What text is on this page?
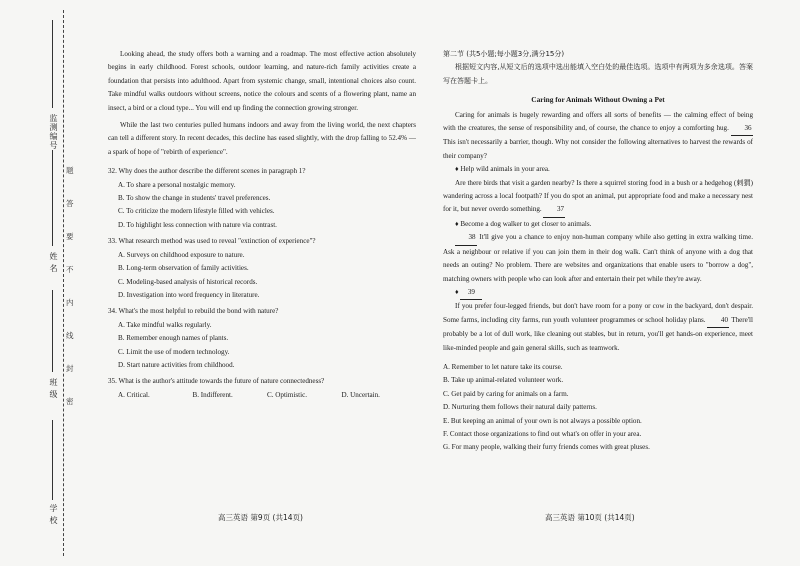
监测编号
姓 名
班 级
学 校
题
答
要
不
内
线
封
密

Looking ahead, the study offers both a warning and a roadmap. The most effective action absolutely begins in early childhood. Forest schools, outdoor learning, and nature-rich family activities create a foundation that persists into adulthood. Apart from systemic change, small, intentional choices also count. Take mindful walks outdoors without screens, notice the colours and scents of a flowering plant, name an insect, a bird or a cloud type... You will end up finding the connection growing stronger.

While the last two centuries pulled humans indoors and away from the living world, the next chapters can tell a different story. In recent decades, this decline has eased slightly, with the drop falling to 52.4% — a spark of hope of "rebirth of experience".

32. Why does the author describe the different scenes in paragraph 1?

A. To share a personal nostalgic memory.

B. To show the change in students' travel preferences.

C. To criticize the modern lifestyle filled with vehicles.

D. To highlight less connection with nature via contrast.

33. What research method was used to reveal "extinction of experience"?

A. Surveys on childhood exposure to nature.

B. Long-term observation of family activities.

C. Modeling-based analysis of historical records.

D. Investigation into word frequency in literature.

34. What's the most helpful to rebuild the bond with nature?

A. Take mindful walks regularly.

B. Remember enough names of plants.

C. Limit the use of modern technology.

D. Start nature activities from childhood.

35. What is the author's attitude towards the future of nature connectedness?

A. Critical.	B. Indifferent.	C. Optimistic.	D. Uncertain.

第二节 (共5小题;每小题3分,满分15分)

根据短文内容,从短文后的选项中选出能填入空白处的最佳选项。选项中有两项为多余选项。答案写在答题卡上。

Caring for Animals Without Owning a Pet

Caring for animals is hugely rewarding and offers all sorts of benefits — the calming effect of being with the creatures, the sense of responsibility and, of course, the chance to enjoy a comforting hug. 36 This isn't necessarily a barrier, though. Why not consider the following alternatives to harvest the rewards of their company?

♦ Help wild animals in your area.

Are there birds that visit a garden nearby? Is there a squirrel storing food in a bush or a hedgehog (刺猬) wandering across a local footpath? If you do spot an animal, put appropriate food and make a necessary nest for it, but never overdo something. 37

♦ Become a dog walker to get closer to animals.

38 It'll give you a chance to enjoy non-human company while also getting in extra walking time. Ask a neighbour or relative if you can join them in their dog walk. Can't think of anyone with a dog that needs an outing? No problem. There are websites and organizations that enable users to "borrow a dog", matching owners with people who can look after and entertain their pet while they're away.

♦ 39

If you prefer four-legged friends, but don't have room for a pony or cow in the backyard, don't despair. Some farms, including city farms, run youth volunteer programmes or school holiday plans. 40 There'll probably be a lot of dull work, like cleaning out stables, but in return, you'll get hands-on experience, meet like-minded people and gain general skills, such as teamwork.

A. Remember to let nature take its course.

B. Take up animal-related volunteer work.

C. Get paid by caring for animals on a farm.

D. Nurturing them follows their natural daily patterns.

E. But keeping an animal of your own is not always a possible option.

F. Contact those organizations to find out what's on offer in your area.

G. For many people, walking their furry friends comes with great pluses.

高三英语 第9页 (共14页)	高三英语 第10页 (共14页)
